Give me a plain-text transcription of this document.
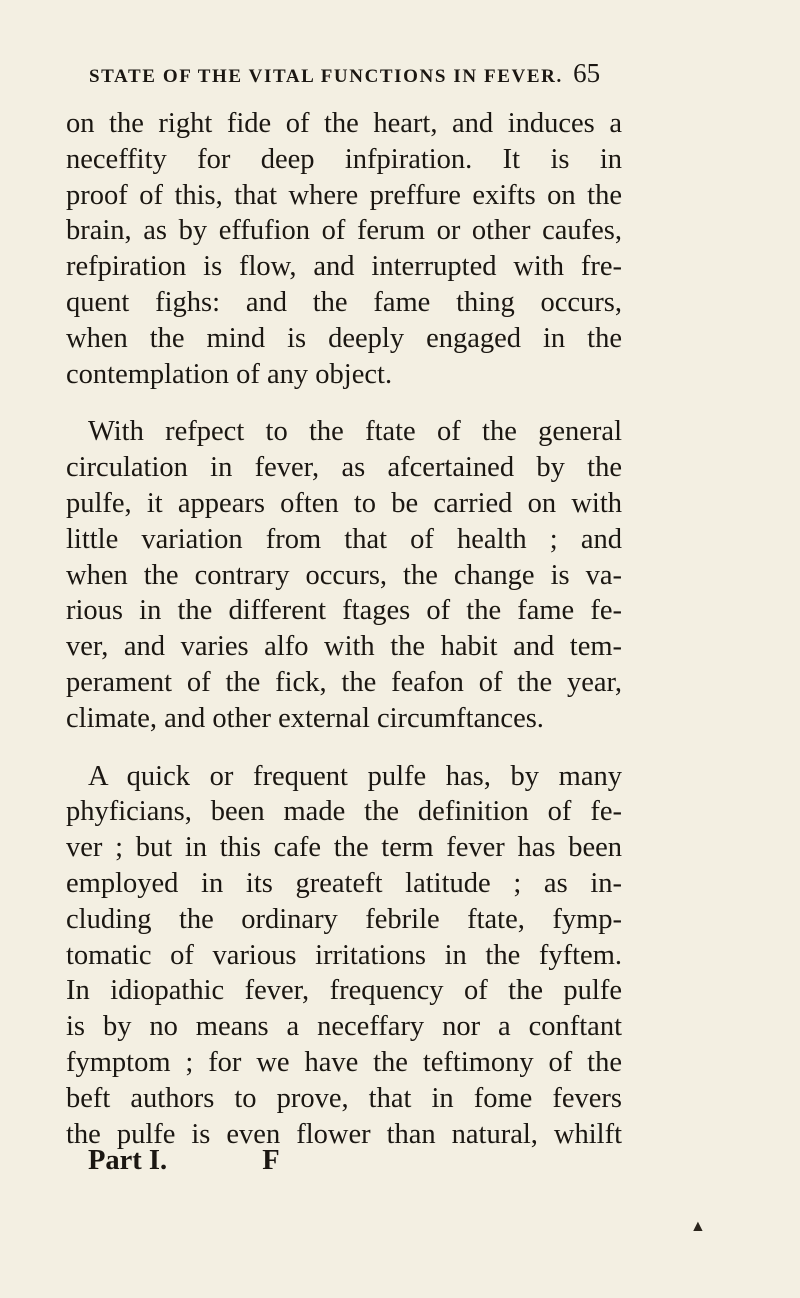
STATE OF THE VITAL FUNCTIONS IN FEVER. 65
on the right fide of the heart, and induces a
neceffity for deep infpiration. It is in
proof of this, that where preffure exifts on the
brain, as by effufion of ferum or other caufes,
refpiration is flow, and interrupted with fre-
quent fighs: and the fame thing occurs,
when the mind is deeply engaged in the
contemplation of any object.
With refpect to the ftate of the general
circulation in fever, as afcertained by the
pulfe, it appears often to be carried on with
little variation from that of health ; and
when the contrary occurs, the change is va-
rious in the different ftages of the fame fe-
ver, and varies alfo with the habit and tem-
perament of the fick, the feafon of the year,
climate, and other external circumftances.
A quick or frequent pulfe has, by many
phyficians, been made the definition of fe-
ver ; but in this cafe the term fever has been
employed in its greateft latitude ; as in-
cluding the ordinary febrile ftate, fymp-
tomatic of various irritations in the fyftem.
In idiopathic fever, frequency of the pulfe
is by no means a neceffary nor a conftant
fymptom ; for we have the teftimony of the
beft authors to prove, that in fome fevers
the pulfe is even flower than natural, whilft
Part I.	F
▲
